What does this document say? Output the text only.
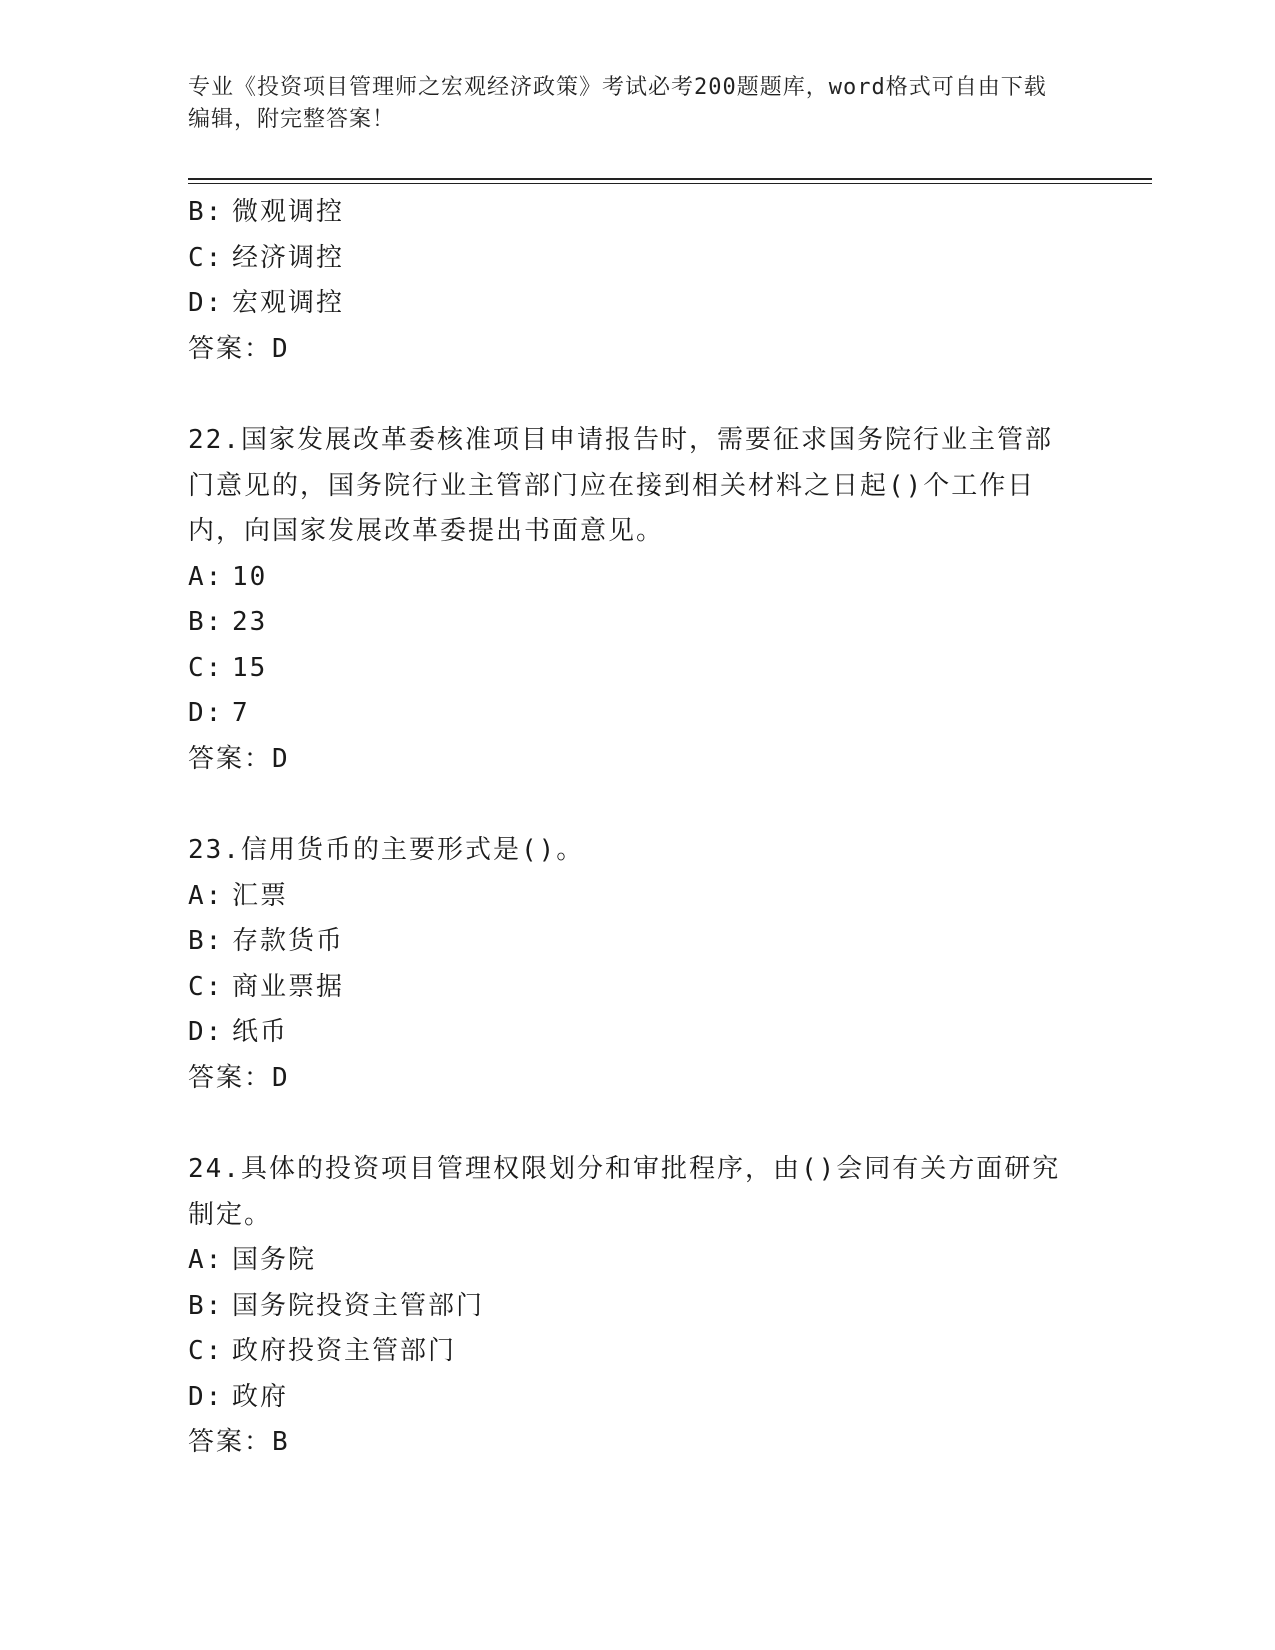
专业《投资项目管理师之宏观经济政策》考试必考200题题库，word格式可自由下载编辑，附完整答案！
B: 微观调控
C: 经济调控
D: 宏观调控
答案：D
22.国家发展改革委核准项目申请报告时，需要征求国务院行业主管部门意见的，国务院行业主管部门应在接到相关材料之日起()个工作日内，向国家发展改革委提出书面意见。
A: 10
B: 23
C: 15
D: 7
答案：D
23.信用货币的主要形式是()。
A: 汇票
B: 存款货币
C: 商业票据
D: 纸币
答案：D
24.具体的投资项目管理权限划分和审批程序，由()会同有关方面研究制定。
A: 国务院
B: 国务院投资主管部门
C: 政府投资主管部门
D: 政府
答案：B
